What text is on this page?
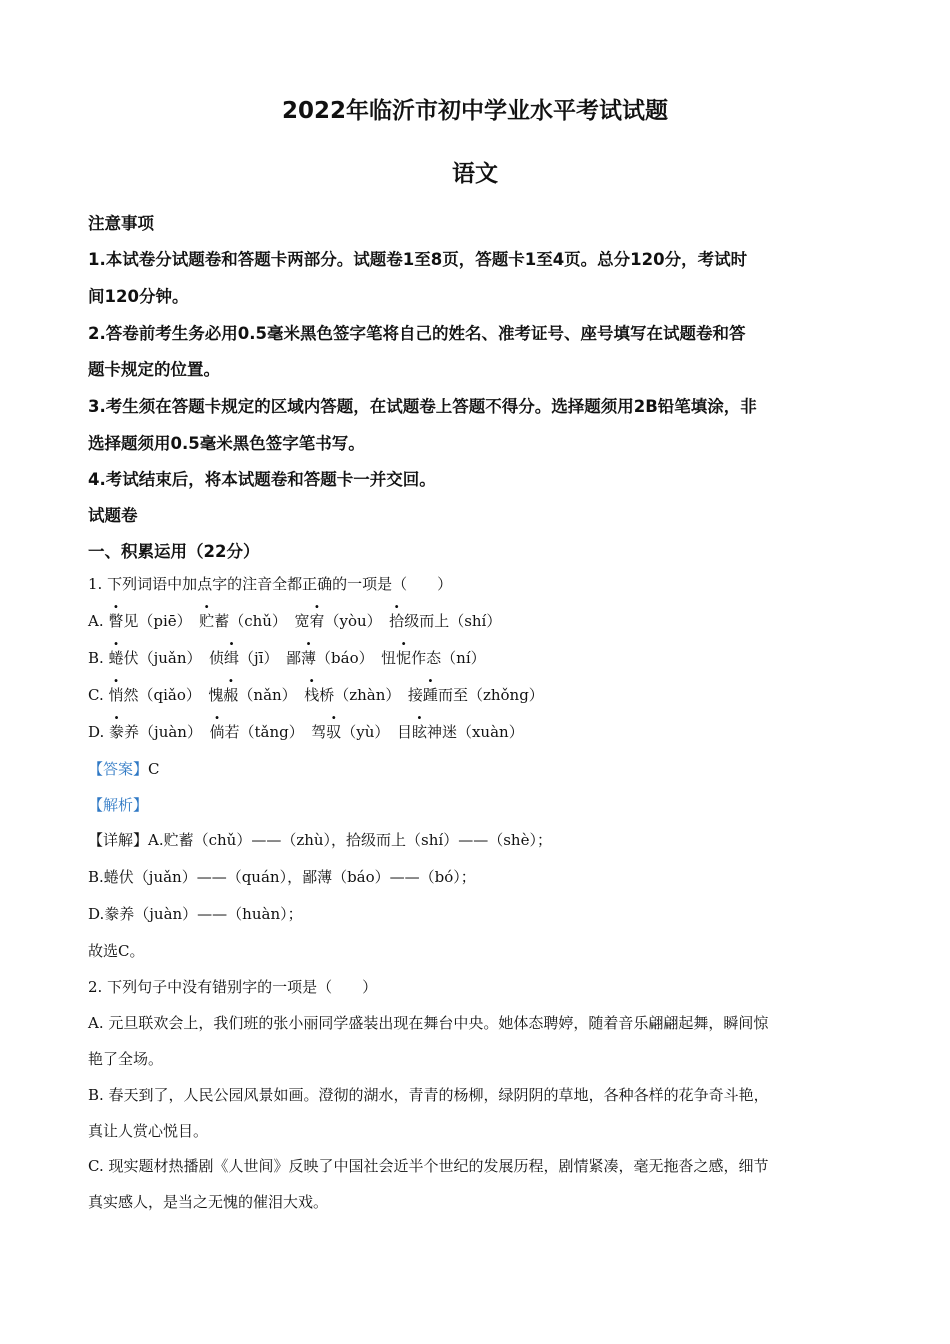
2022年临沂市初中学业水平考试试题
语文
注意事项
1.本试卷分试题卷和答题卡两部分。试题卷1至8页，答题卡1至4页。总分120分，考试时
间120分钟。
2.答卷前考生务必用0.5毫米黑色签字笔将自己的姓名、准考证号、座号填写在试题卷和答
题卡规定的位置。
3.考生须在答题卡规定的区域内答题，在试题卷上答题不得分。选择题须用2B铅笔填涂，非
选择题须用0.5毫米黑色签字笔书写。
4.考试结束后，将本试题卷和答题卡一并交回。
试题卷
一、积累运用（22分）
1. 下列词语中加点字的注音全都正确的一项是（　　）
A. 瞥见（piē）　 贮蓄（chǔ）　 宽宥（yòu）　 拾级而上（shí）
B. 蜷伏（juǎn）　 侦缉（jī）　 鄙薄（báo）　 忸怩作态（ní）
C. 悄然（qiǎo）　 愧赧（nǎn）　 栈桥（zhàn）　 接踵而至（zhǒng）
D. 豢养（juàn）　 倘若（tǎng）　 驾驭（yù）　 目眩神迷（xuàn）
【答案】C
【解析】
【详解】A.贮蓄（chǔ）——（zhù），拾级而上（shí）——（shè）；
B.蜷伏（juǎn）——（quán），鄙薄（báo）——（bó）；
D.豢养（juàn）——（huàn）；
故选C。
2. 下列句子中没有错别字的一项是（　　）
A. 元旦联欢会上，我们班的张小丽同学盛装出现在舞台中央。她体态聘婷，随着音乐翩翩起舞，瞬间惊
艳了全场。
B. 春天到了，人民公园风景如画。澄彻的湖水，青青的杨柳，绿阴阴的草地，各种各样的花争奇斗艳，
真让人赏心悦目。
C. 现实题材热播剧《人世间》反映了中国社会近半个世纪的发展历程，剧情紧凑，毫无拖沓之感，细节
真实感人，是当之无愧的催泪大戏。
